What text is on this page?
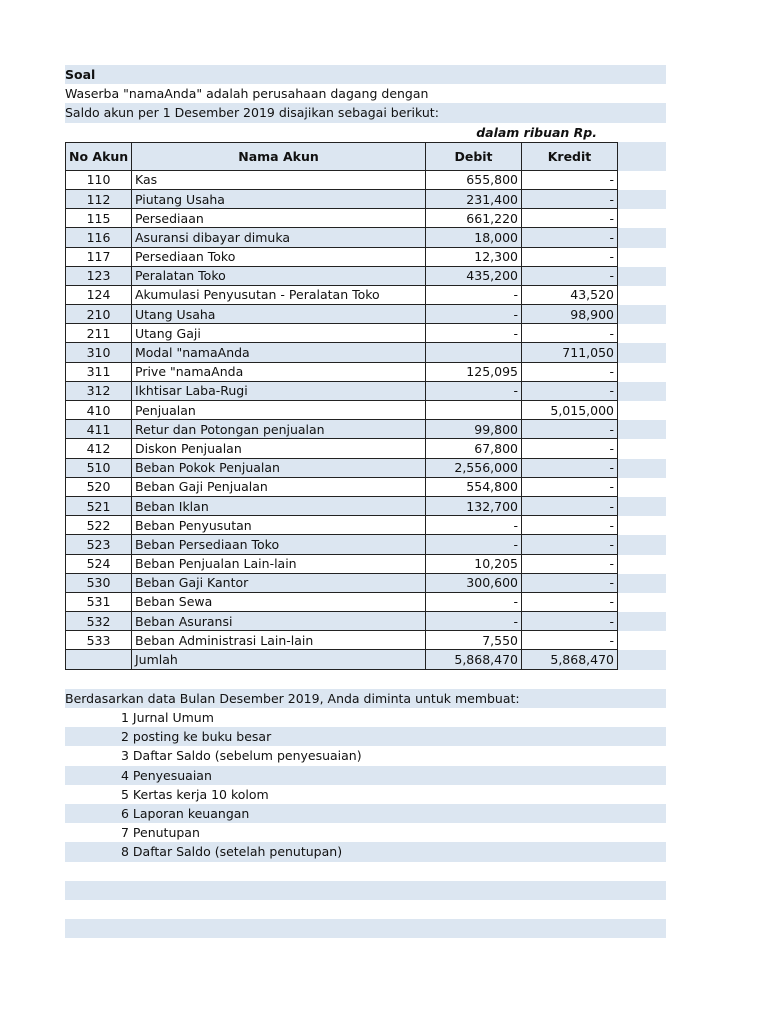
Soal
Waserba "namaAnda" adalah perusahaan dagang dengan
Saldo akun per 1 Desember 2019 disajikan sebagai berikut:
dalam ribuan Rp.
No Akun	Nama Akun	Debit	Kredit
110	Kas	655,800	-
112	Piutang Usaha	231,400	-
115	Persediaan	661,220	-
116	Asuransi dibayar dimuka	18,000	-
117	Persediaan Toko	12,300	-
123	Peralatan Toko	435,200	-
124	Akumulasi Penyusutan - Peralatan Toko	-	43,520
210	Utang Usaha	-	98,900
211	Utang Gaji	-	-
310	Modal "namaAnda		711,050
311	Prive "namaAnda	125,095	-
312	Ikhtisar Laba-Rugi	-	-
410	Penjualan		5,015,000
411	Retur dan Potongan penjualan	99,800	-
412	Diskon Penjualan	67,800	-
510	Beban Pokok Penjualan	2,556,000	-
520	Beban Gaji Penjualan	554,800	-
521	Beban Iklan	132,700	-
522	Beban Penyusutan	-	-
523	Beban Persediaan Toko	-	-
524	Beban Penjualan Lain-lain	10,205	-
530	Beban Gaji Kantor	300,600	-
531	Beban Sewa	-	-
532	Beban Asuransi	-	-
533	Beban Administrasi Lain-lain	7,550	-
	Jumlah	5,868,470	5,868,470
Berdasarkan data Bulan Desember 2019, Anda diminta untuk membuat:
1 Jurnal Umum
2 posting ke buku besar
3 Daftar Saldo (sebelum penyesuaian)
4 Penyesuaian
5 Kertas kerja 10 kolom
6 Laporan keuangan
7 Penutupan
8 Daftar Saldo (setelah penutupan)
